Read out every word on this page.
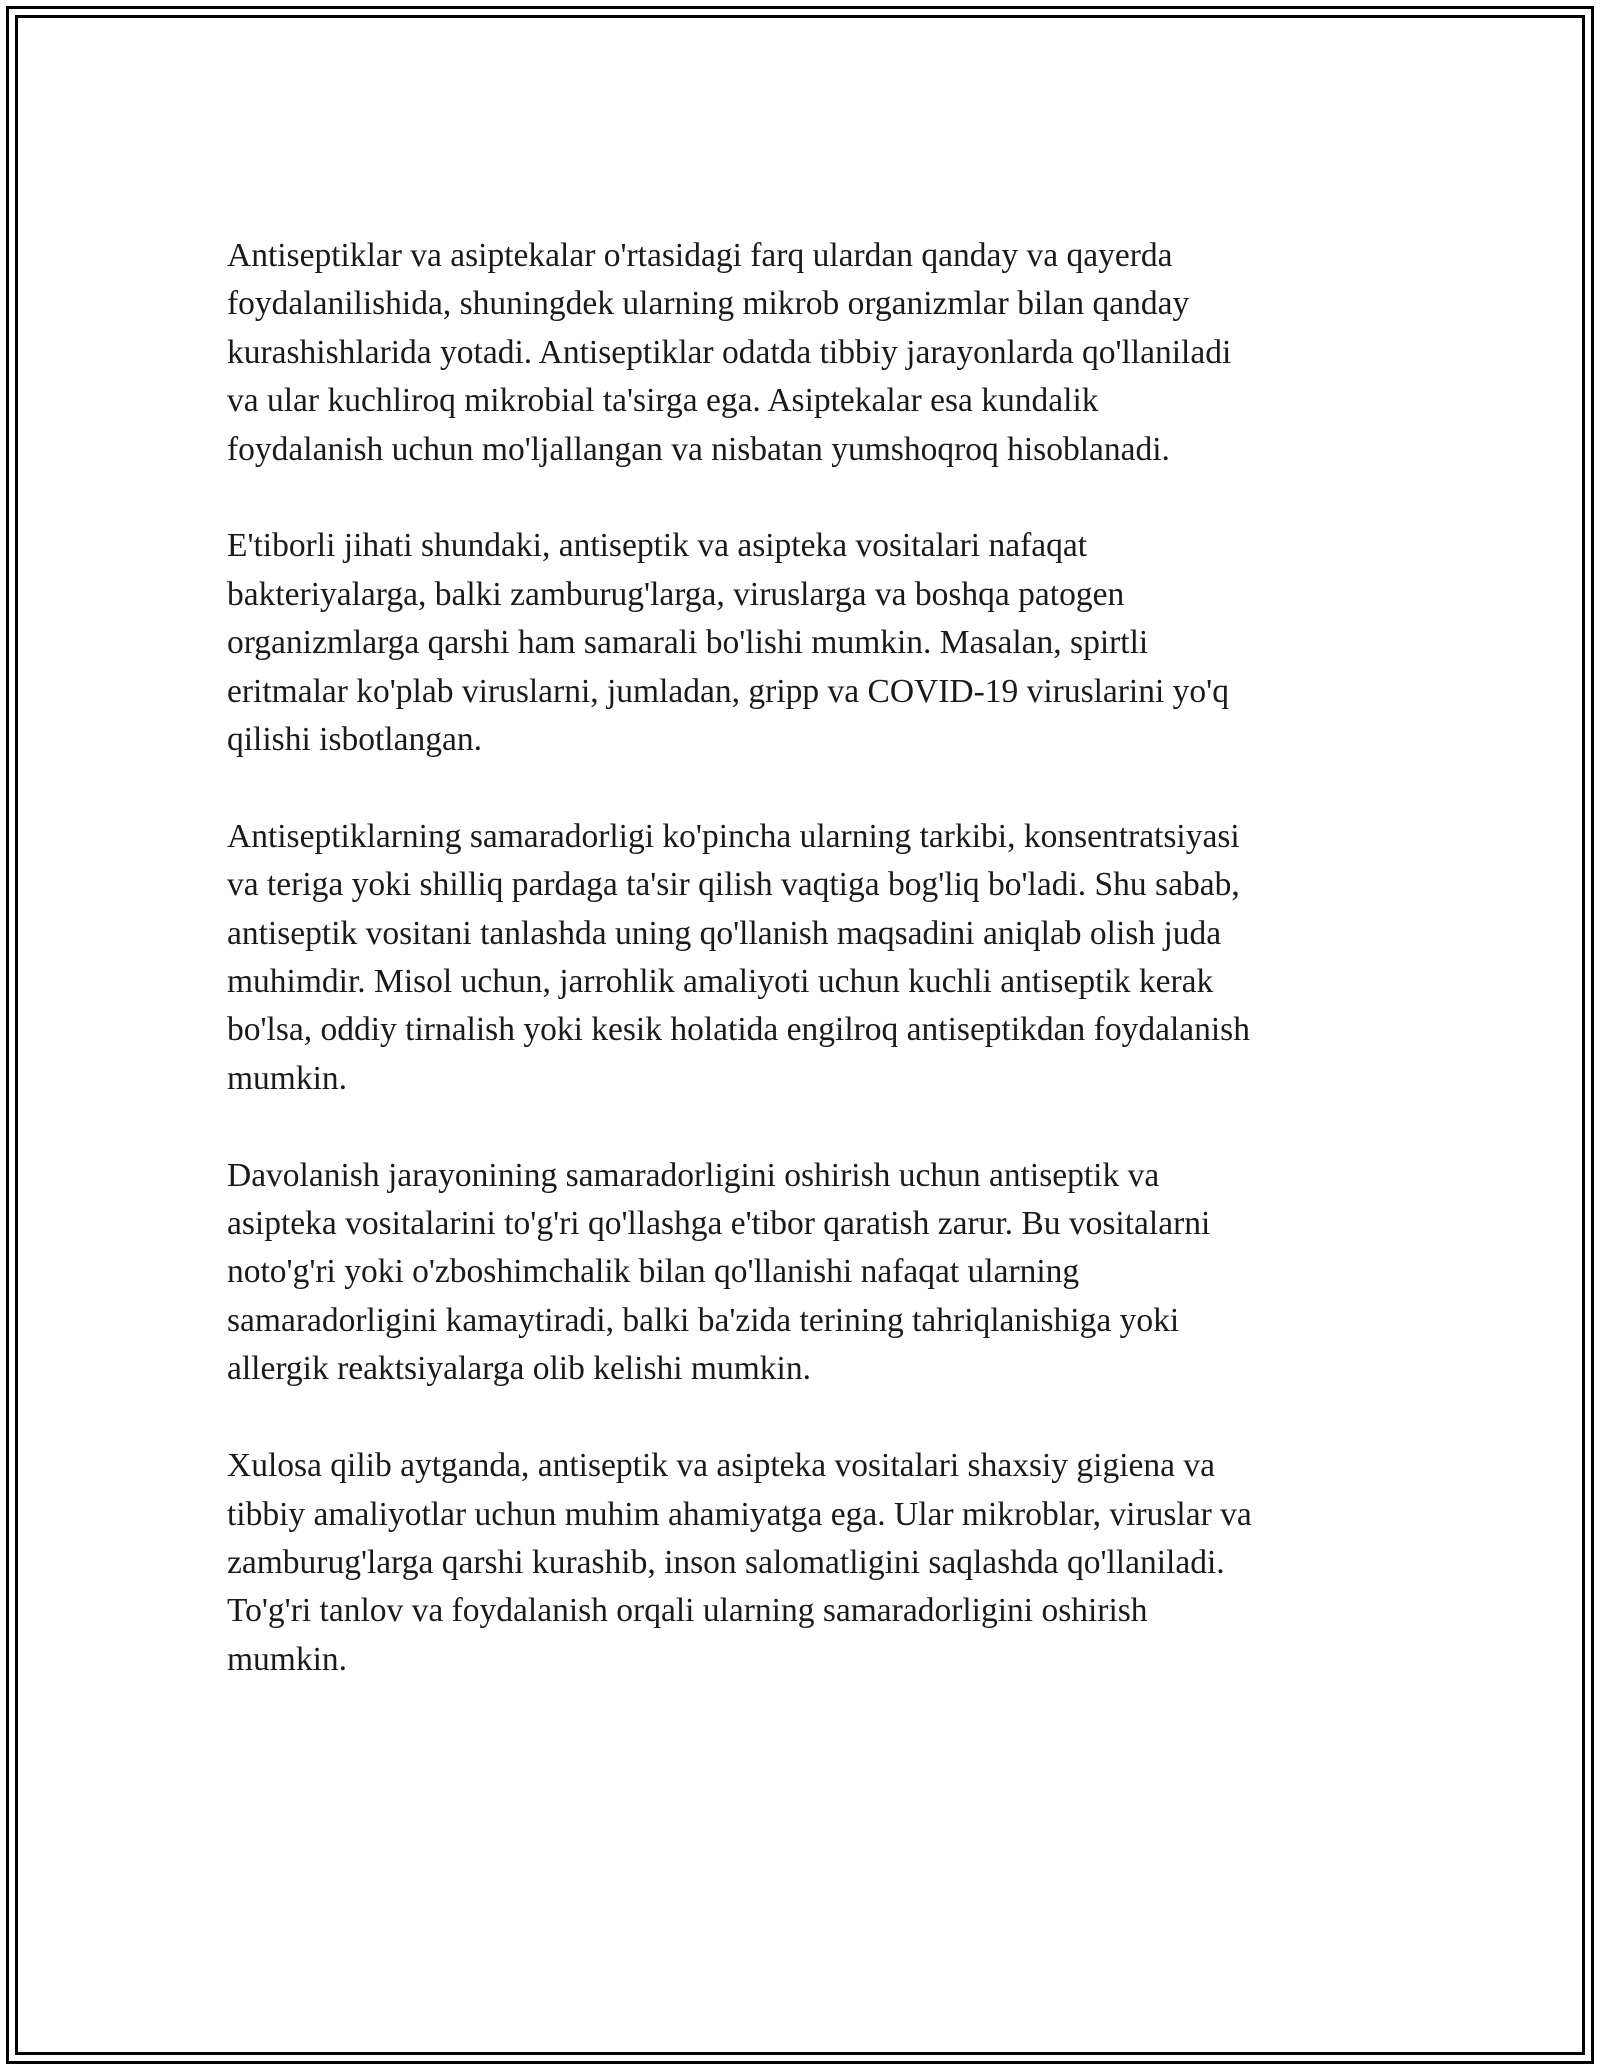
Antiseptiklar va asiptekalar o'rtasidagi farq ulardan qanday va qayerda
foydalanilishida, shuningdek ularning mikrob organizmlar bilan qanday
kurashishlarida yotadi. Antiseptiklar odatda tibbiy jarayonlarda qo'llaniladi
va ular kuchliroq mikrobial ta'sirga ega. Asiptekalar esa kundalik
foydalanish uchun mo'ljallangan va nisbatan yumshoqroq hisoblanadi.

E'tiborli jihati shundaki, antiseptik va asipteka vositalari nafaqat
bakteriyalarga, balki zamburug'larga, viruslarga va boshqa patogen
organizmlarga qarshi ham samarali bo'lishi mumkin. Masalan, spirtli
eritmalar ko'plab viruslarni, jumladan, gripp va COVID-19 viruslarini yo'q
qilishi isbotlangan.

Antiseptiklarning samaradorligi ko'pincha ularning tarkibi, konsentratsiyasi
va teriga yoki shilliq pardaga ta'sir qilish vaqtiga bog'liq bo'ladi. Shu sabab,
antiseptik vositani tanlashda uning qo'llanish maqsadini aniqlab olish juda
muhimdir. Misol uchun, jarrohlik amaliyoti uchun kuchli antiseptik kerak
bo'lsa, oddiy tirnalish yoki kesik holatida engilroq antiseptikdan foydalanish
mumkin.

Davolanish jarayonining samaradorligini oshirish uchun antiseptik va
asipteka vositalarini to'g'ri qo'llashga e'tibor qaratish zarur. Bu vositalarni
noto'g'ri yoki o'zboshimchalik bilan qo'llanishi nafaqat ularning
samaradorligini kamaytiradi, balki ba'zida terining tahriqlanishiga yoki
allergik reaktsiyalarga olib kelishi mumkin.

Xulosa qilib aytganda, antiseptik va asipteka vositalari shaxsiy gigiena va
tibbiy amaliyotlar uchun muhim ahamiyatga ega. Ular mikroblar, viruslar va
zamburug'larga qarshi kurashib, inson salomatligini saqlashda qo'llaniladi.
To'g'ri tanlov va foydalanish orqali ularning samaradorligini oshirish
mumkin.
